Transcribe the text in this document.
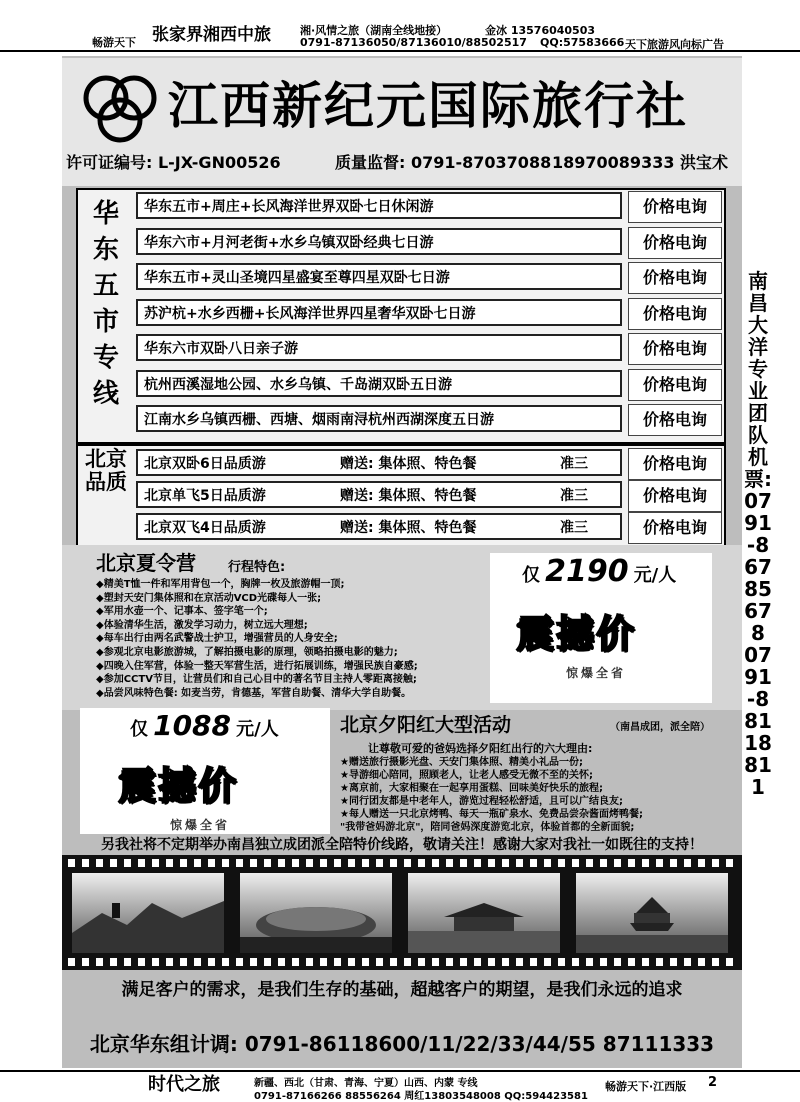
畅游天下 张家界湘西中旅	湘·风情之旅（湖南全线地接）
0791-87136050/87136010/88502517
金冰 13576040503
QQ:57583666 天下旅游风向标广告
江西新纪元国际旅行社
许可证编号: L-JX-GN00526	质量监督: 0791-87037088 18970089333 洪宝术
华东五市专线
华东五市+周庄+长风海洋世界双卧七日休闲游	价格电询
华东六市+月河老街+水乡乌镇双卧经典七日游	价格电询
华东五市+灵山圣境四星盛宴至尊四星双卧七日游	价格电询
苏沪杭+水乡西栅+长风海洋世界四星奢华双卧七日游	价格电询
华东六市双卧八日亲子游	价格电询
杭州西溪湿地公园、水乡乌镇、千岛湖双卧五日游	价格电询
江南水乡乌镇西栅、西塘、烟雨南浔杭州西湖深度五日游	价格电询
北京品质
北京双卧6日品质游	赠送: 集体照、特色餐	准三	价格电询
北京单飞5日品质游	赠送: 集体照、特色餐	准三	价格电询
北京双飞4日品质游	赠送: 集体照、特色餐	准三	价格电询
南昌大洋专业团队机票: 0791-86785678 0791-88118811
北京夏令营 行程特色:
◆精美T恤一件和军用背包一个，胸牌一枚及旅游帽一顶;
◆塑封天安门集体照和在京活动VCD光碟每人一张;
◆军用水壶一个、记事本、签字笔一个;
◆体验清华生活，激发学习动力，树立远大理想;
◆每车出行由两名武警战士护卫，增强营员的人身安全;
◆参观北京电影旅游城，了解拍摄电影的原理，领略拍摄电影的魅力;
◆四晚入住军营，体验一整天军营生活，进行拓展训练，增强民族自豪感;
◆参加CCTV节目，让营员们和自己心目中的著名节目主持人零距离接触;
◆品尝风味特色餐: 如麦当劳，肯德基，军营自助餐、清华大学自助餐。
仅 2190 元/人
震撼价
惊爆全省
仅 1088 元/人
震撼价
惊爆全省
北京夕阳红大型活动	（南昌成团，派全陪）
让尊敬可爱的爸妈选择夕阳红出行的六大理由:
★赠送旅行摄影光盘、天安门集体照、精美小礼品一份;
★导游细心陪同，照顾老人，让老人感受无微不至的关怀;
★离京前，大家相聚在一起享用蛋糕、回味美好快乐的旅程;
★同行团友都是中老年人，游览过程轻松舒适，且可以广结良友;
★每人赠送一只北京烤鸭、每天一瓶矿泉水、免费品尝杂酱面烤鸭餐;
"我带爸妈游北京"，陪同爸妈深度游览北京，体验首都的全新面貌;
另我社将不定期举办南昌独立成团派全陪特价线路，敬请关注！感谢大家对我社一如既往的支持！
满足客户的需求，是我们生存的基础，超越客户的期望，是我们永远的追求
北京华东组计调: 0791-86118600/11/22/33/44/55 87111333
时代之旅	新疆、西北（甘肃、青海、宁夏）山西、内蒙 专线
0791-87166266 88556264 周红13803548008 QQ:594423581
畅游天下·江西版 2
